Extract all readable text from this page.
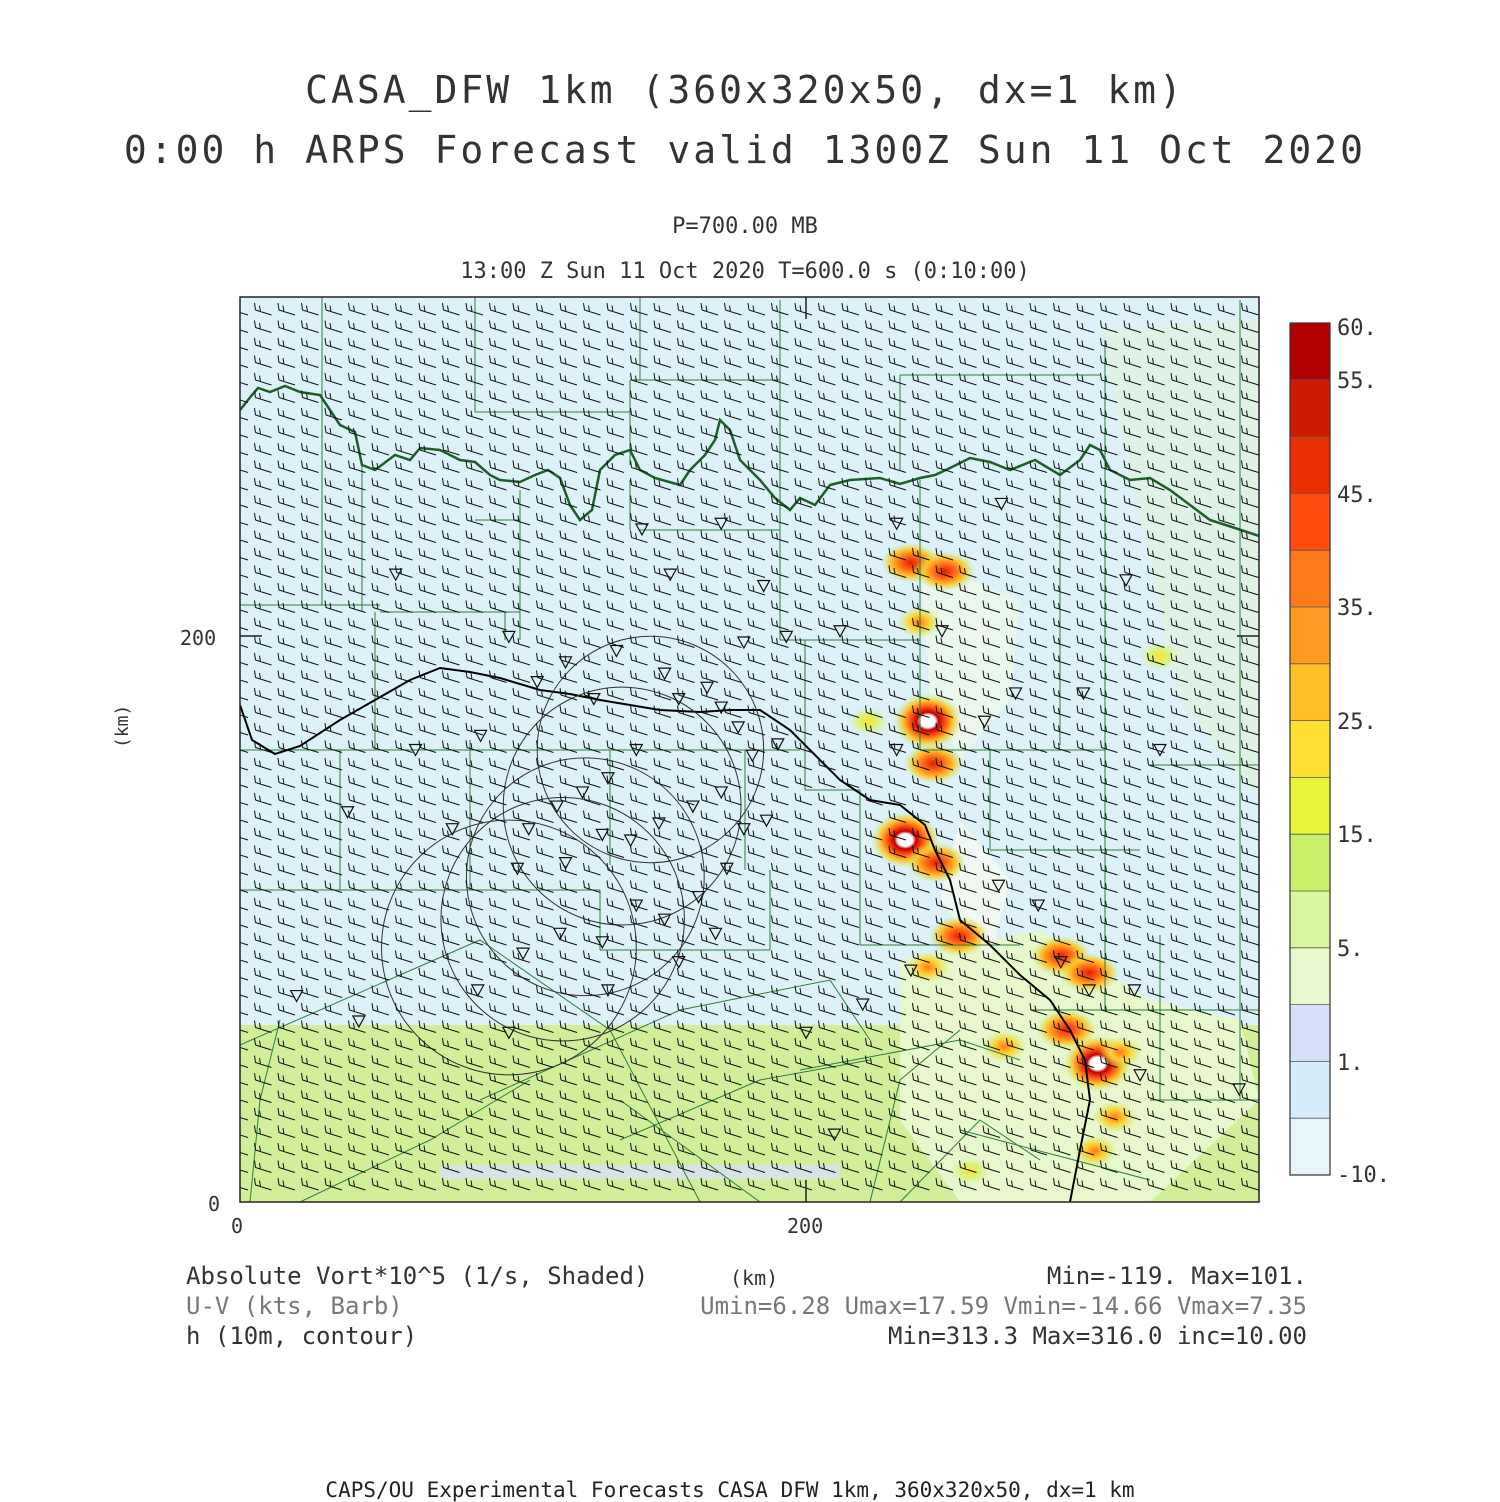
CASA_DFW 1km (360x320x50, dx=1 km)
0:00 h ARPS Forecast valid 1300Z Sun 11 Oct 2020
P=700.00 MB
13:00 Z Sun 11 Oct 2020 T=600.0 s (0:10:00)
(km)
200
0
0	200
(km)
60.
55.
45.
35.
25.
15.
5.
1.
-10.
Absolute Vort*10^5 (1/s, Shaded)
U-V (kts, Barb)
h (10m, contour)
Min=-119. Max=101.
Umin=6.28 Umax=17.59 Vmin=-14.66 Vmax=7.35
Min=313.3 Max=316.0 inc=10.00
CAPS/OU Experimental Forecasts CASA DFW 1km, 360x320x50, dx=1 km
